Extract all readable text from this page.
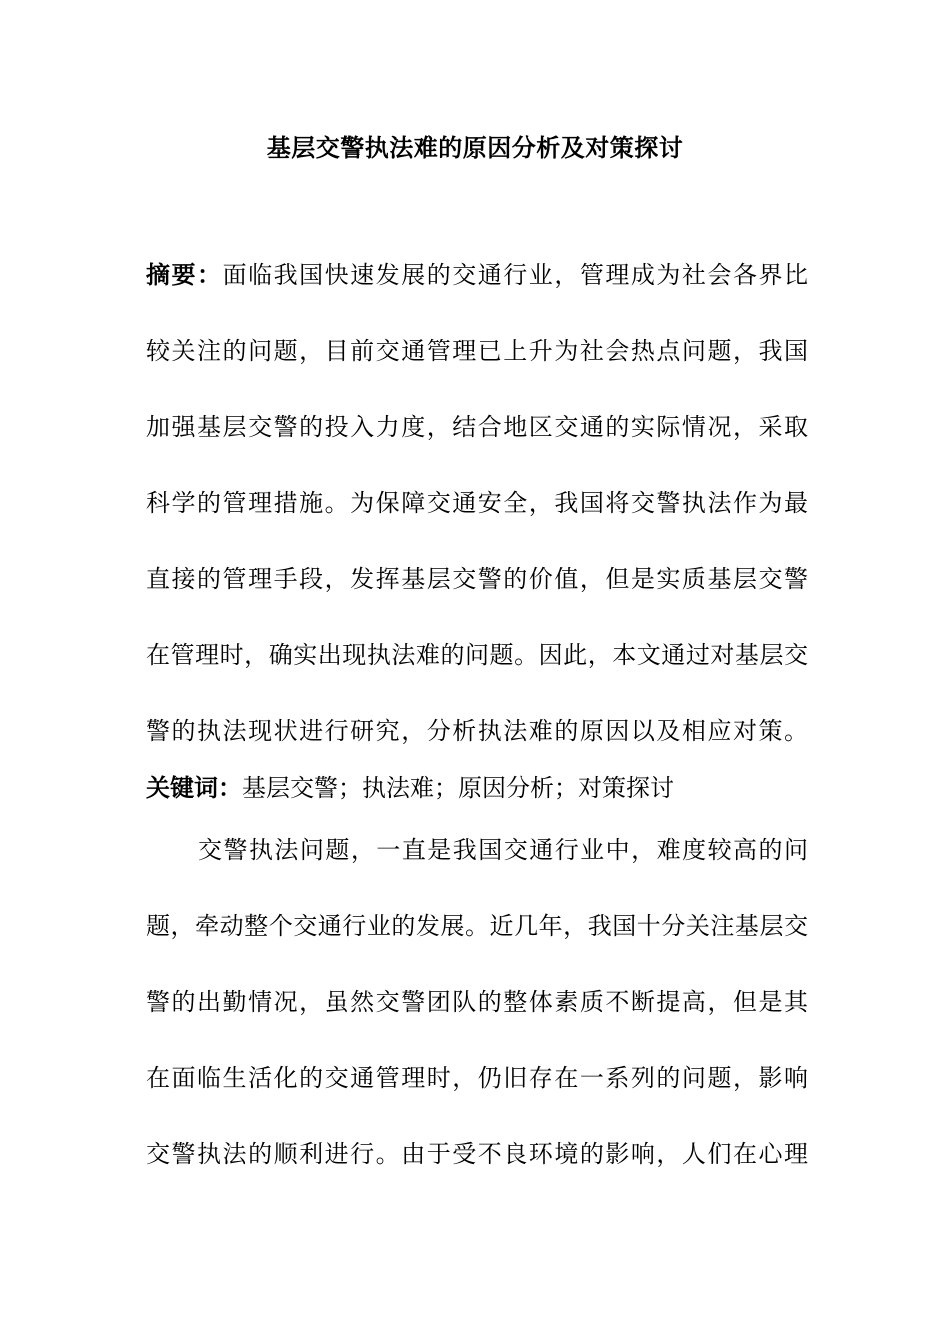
基层交警执法难的原因分析及对策探讨
摘要：面临我国快速发展的交通行业，管理成为社会各界比
较关注的问题，目前交通管理已上升为社会热点问题，我国
加强基层交警的投入力度，结合地区交通的实际情况，采取
科学的管理措施。为保障交通安全，我国将交警执法作为最
直接的管理手段，发挥基层交警的价值，但是实质基层交警
在管理时，确实出现执法难的问题。因此，本文通过对基层交
警的执法现状进行研究，分析执法难的原因以及相应对策。
关键词：基层交警；执法难；原因分析；对策探讨
交警执法问题，一直是我国交通行业中，难度较高的问
题，牵动整个交通行业的发展。近几年，我国十分关注基层交
警的出勤情况，虽然交警团队的整体素质不断提高，但是其
在面临生活化的交通管理时，仍旧存在一系列的问题，影响
交警执法的顺利进行。由于受不良环境的影响，人们在心理
